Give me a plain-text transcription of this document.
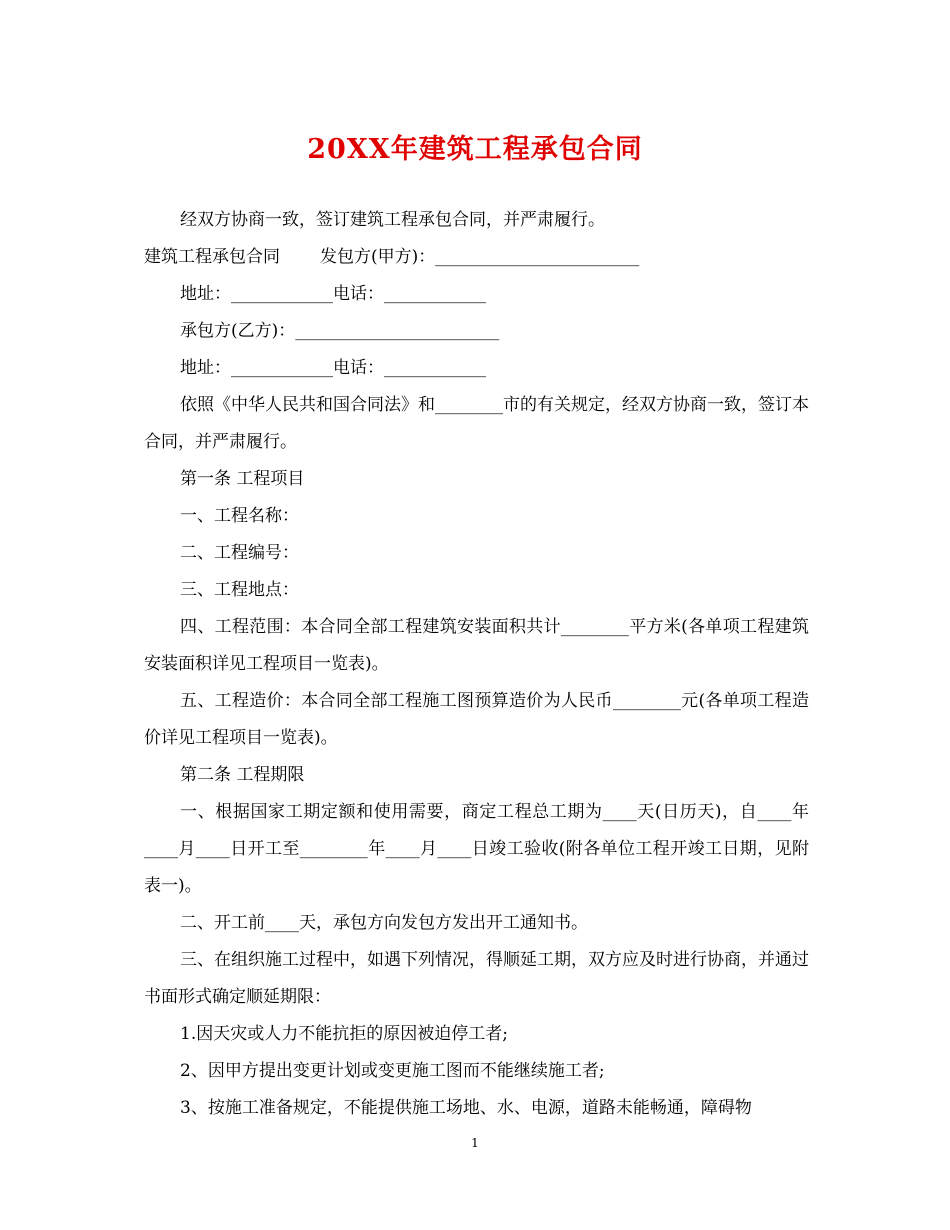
20XX年建筑工程承包合同

经双方协商一致，签订建筑工程承包合同，并严肃履行。

建筑工程承包合同 发包方(甲方)：________________________

地址：____________电话：____________

承包方(乙方)：________________________

地址：____________电话：____________

依照《中华人民共和国合同法》和________市的有关规定，经双方协商一致，签订本合同，并严肃履行。

第一条 工程项目

一、工程名称：

二、工程编号：

三、工程地点：

四、工程范围：本合同全部工程建筑安装面积共计________平方米(各单项工程建筑安装面积详见工程项目一览表)。

五、工程造价：本合同全部工程施工图预算造价为人民币________元(各单项工程造价详见工程项目一览表)。

第二条 工程期限

一、根据国家工期定额和使用需要，商定工程总工期为____天(日历天)，自____年____月____日开工至________年____月____日竣工验收(附各单位工程开竣工日期，见附表一)。

二、开工前____天，承包方向发包方发出开工通知书。

三、在组织施工过程中，如遇下列情况，得顺延工期，双方应及时进行协商，并通过书面形式确定顺延期限：

1.因天灾或人力不能抗拒的原因被迫停工者;

2、因甲方提出变更计划或变更施工图而不能继续施工者;

3、按施工准备规定，不能提供施工场地、水、电源，道路未能畅通，障碍物

1
